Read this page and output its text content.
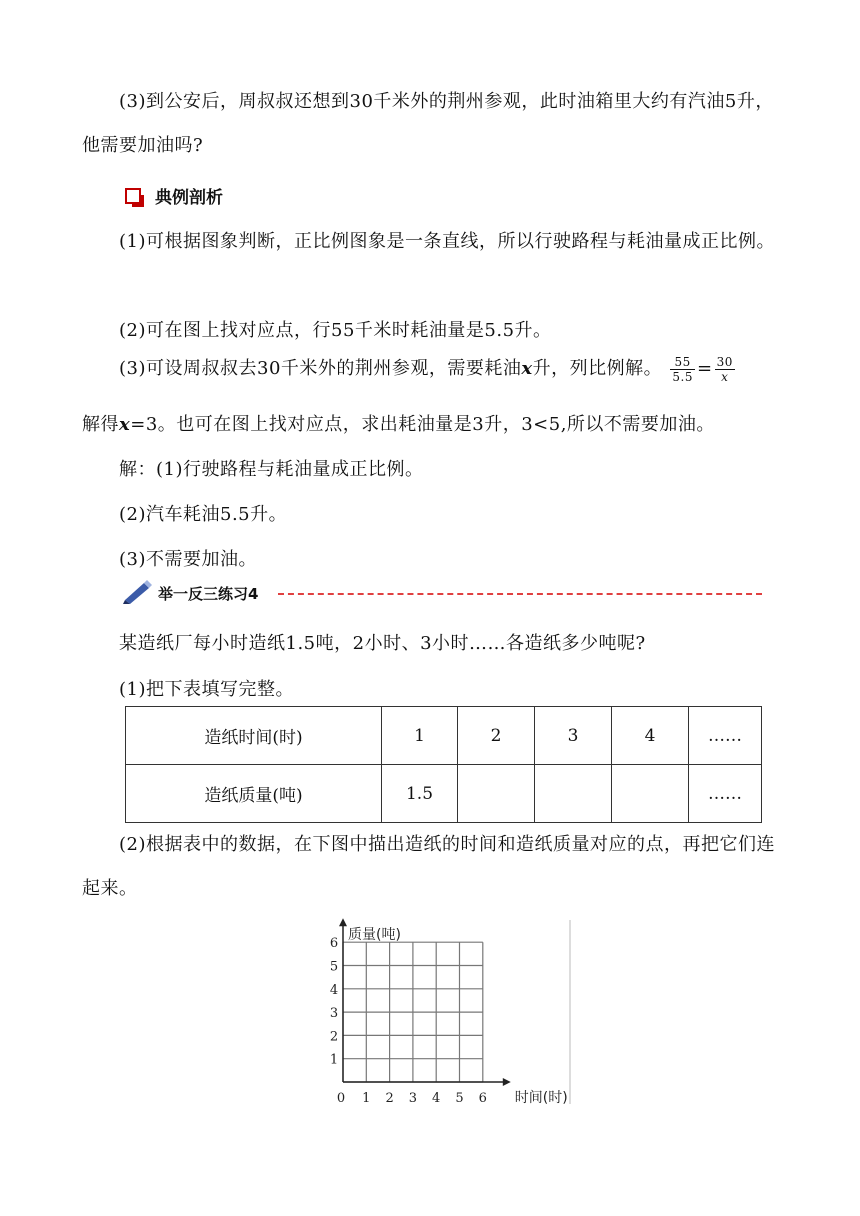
(3)到公安后，周叔叔还想到30千米外的荆州参观，此时油箱里大约有汽油5升，他需要加油吗?

典例剖析

(1)可根据图象判断，正比例图象是一条直线，所以行驶路程与耗油量成正比例。

(2)可在图上找对应点，行55千米时耗油量是5.5升。

(3)可设周叔叔去30千米外的荆州参观，需要耗油x升，列比例解。 $\frac{55}{5.5} = \frac{30}{x}$
解得x=3。也可在图上找对应点，求出耗油量是3升，3<5,所以不需要加油。
解：(1)行驶路程与耗油量成正比例。
(2)汽车耗油5.5升。
(3)不需要加油。
举一反三练习4
某造纸厂每小时造纸1.5吨，2小时、3小时……各造纸多少吨呢?
(1)把下表填写完整。
造纸时间(时)	1	2	3	4	……
造纸质量(吨)	1.5				……

(2)根据表中的数据，在下图中描出造纸的时间和造纸质量对应的点，再把它们连起来。

0 1 2 3 4 5 6
1
2
3
4
5
6
质量(吨)
时间(时)
